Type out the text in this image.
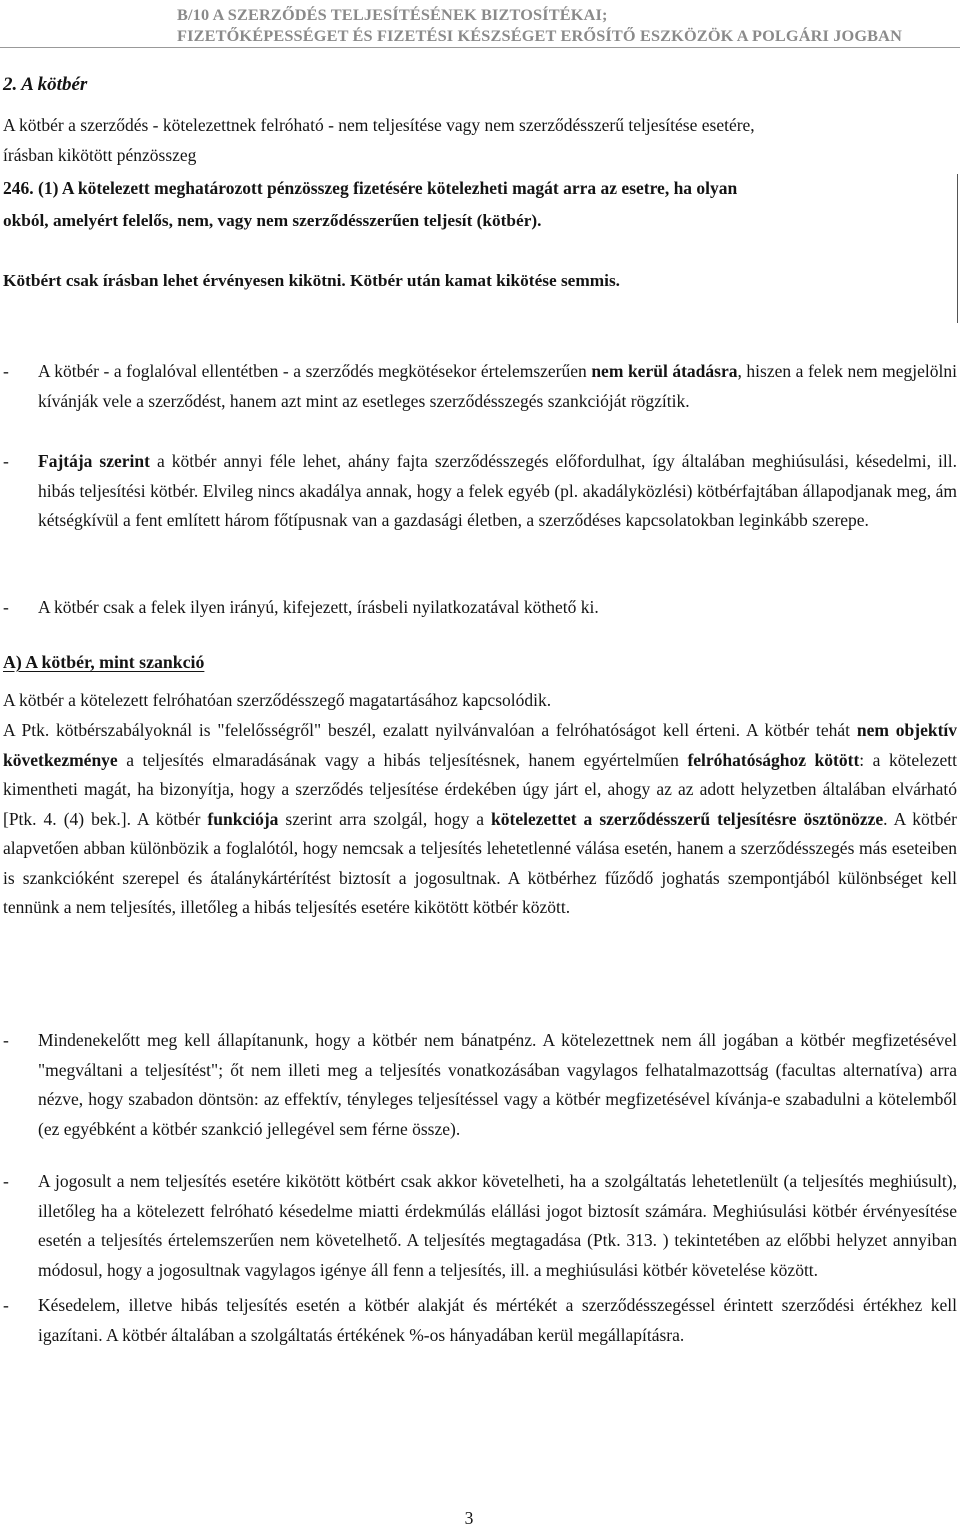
B/10 A SZERZŐDÉS TELJESÍTÉSÉNEK BIZTOSÍTÉKAI;
FIZETŐKÉPESSÉGET ÉS FIZETÉSI KÉSZSÉGET ERŐSÍTŐ ESZKÖZÖK A POLGÁRI JOGBAN
2. A kötbér
A kötbér a szerződés - kötelezettnek felróható - nem teljesítése vagy nem szerződésszerű teljesítése esetére,
írásban kikötött pénzösszeg
246. (1) A kötelezett meghatározott pénzösszeg fizetésére kötelezheti magát arra az esetre, ha olyan
okból, amelyért felelős, nem, vagy nem szerződésszerűen teljesít (kötbér).
Kötbért csak írásban lehet érvényesen kikötni. Kötbér után kamat kikötése semmis.
-	A kötbér - a foglalóval ellentétben - a szerződés megkötésekor értelemszerűen nem kerül átadásra, hiszen a felek nem megjelölni kívánják vele a szerződést, hanem azt mint az esetleges szerződésszegés szankcióját rögzítik.
-	Fajtája szerint a kötbér annyi féle lehet, ahány fajta szerződésszegés előfordulhat, így általában meghiúsulási, késedelmi, ill. hibás teljesítési kötbér. Elvileg nincs akadálya annak, hogy a felek egyéb (pl. akadályközlési) kötbérfajtában állapodjanak meg, ám kétségkívül a fent említett három főtípusnak van a gazdasági életben, a szerződéses kapcsolatokban leginkább szerepe.
-	A kötbér csak a felek ilyen irányú, kifejezett, írásbeli nyilatkozatával köthető ki.
A) A kötbér, mint szankció
A kötbér a kötelezett felróhatóan szerződésszegő magatartásához kapcsolódik.
A Ptk. kötbérszabályoknál is "felelősségről" beszél, ezalatt nyilvánvalóan a felróhatóságot kell érteni. A kötbér tehát nem objektív következménye a teljesítés elmaradásának vagy a hibás teljesítésnek, hanem egyértelműen felróhatósághoz kötött: a kötelezett kimentheti magát, ha bizonyítja, hogy a szerződés teljesítése érdekében úgy járt el, ahogy az az adott helyzetben általában elvárható [Ptk. 4. (4) bek.]. A kötbér funkciója szerint arra szolgál, hogy a kötelezettet a szerződésszerű teljesítésre ösztönözze. A kötbér alapvetően abban különbözik a foglalótól, hogy nemcsak a teljesítés lehetetlenné válása esetén, hanem a szerződésszegés más eseteiben is szankcióként szerepel és átalánykártérítést biztosít a jogosultnak. A kötbérhez fűződő joghatás szempontjából különbséget kell tennünk a nem teljesítés, illetőleg a hibás teljesítés esetére kikötött kötbér között.
-	Mindenekelőtt meg kell állapítanunk, hogy a kötbér nem bánatpénz. A kötelezettnek nem áll jogában a kötbér megfizetésével "megváltani a teljesítést"; őt nem illeti meg a teljesítés vonatkozásában vagylagos felhatalmazottság (facultas alternatíva) arra nézve, hogy szabadon döntsön: az effektív, tényleges teljesítéssel vagy a kötbér megfizetésével kívánja-e szabadulni a kötelemből (ez egyébként a kötbér szankció jellegével sem férne össze).
-	A jogosult a nem teljesítés esetére kikötött kötbért csak akkor követelheti, ha a szolgáltatás lehetetlenült (a teljesítés meghiúsult), illetőleg ha a kötelezett felróható késedelme miatti érdekmúlás elállási jogot biztosít számára. Meghiúsulási kötbér érvényesítése esetén a teljesítés értelemszerűen nem követelhető. A teljesítés megtagadása (Ptk. 313. ) tekintetében az előbbi helyzet annyiban módosul, hogy a jogosultnak vagylagos igénye áll fenn a teljesítés, ill. a meghiúsulási kötbér követelése között.
-	Késedelem, illetve hibás teljesítés esetén a kötbér alakját és mértékét a szerződésszegéssel érintett szerződési értékhez kell igazítani. A kötbér általában a szolgáltatás értékének %-os hányadában kerül megállapításra.
3
